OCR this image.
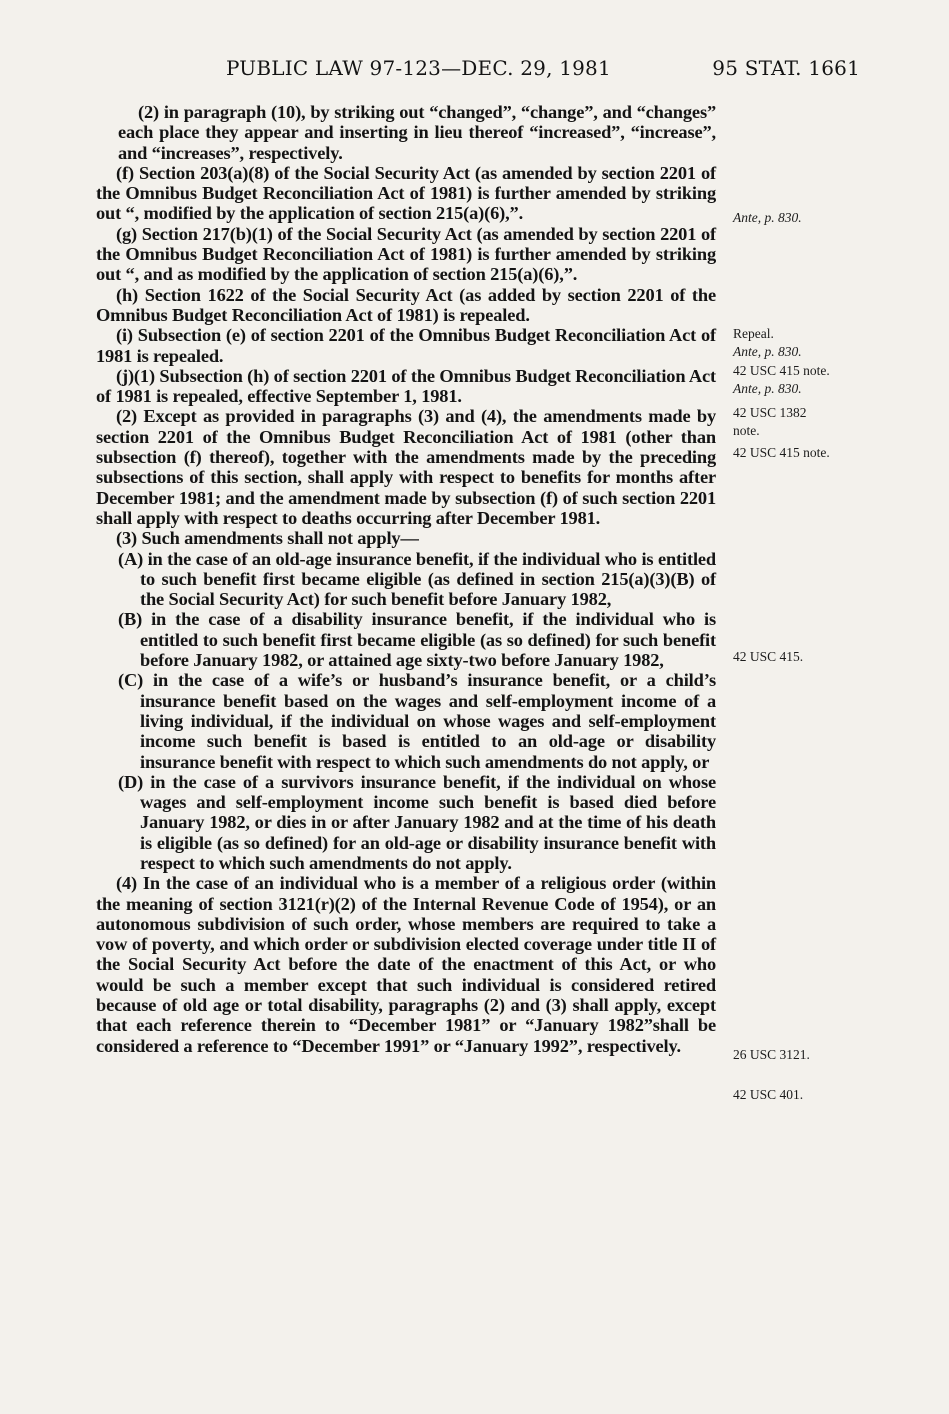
PUBLIC LAW 97-123—DEC. 29, 1981	95 STAT. 1661

(2) in paragraph (10), by striking out “changed”, “change”, and “changes” each place they appear and inserting in lieu thereof “increased”, “increase”, and “increases”, respectively.

(f) Section 203(a)(8) of the Social Security Act (as amended by section 2201 of the Omnibus Budget Reconciliation Act of 1981) is further amended by striking out “, modified by the application of section 215(a)(6),”.

(g) Section 217(b)(1) of the Social Security Act (as amended by section 2201 of the Omnibus Budget Reconciliation Act of 1981) is further amended by striking out “, and as modified by the application of section 215(a)(6),”.

(h) Section 1622 of the Social Security Act (as added by section 2201 of the Omnibus Budget Reconciliation Act of 1981) is repealed.

(i) Subsection (e) of section 2201 of the Omnibus Budget Reconciliation Act of 1981 is repealed.

(j)(1) Subsection (h) of section 2201 of the Omnibus Budget Reconciliation Act of 1981 is repealed, effective September 1, 1981.

(2) Except as provided in paragraphs (3) and (4), the amendments made by section 2201 of the Omnibus Budget Reconciliation Act of 1981 (other than subsection (f) thereof), together with the amendments made by the preceding subsections of this section, shall apply with respect to benefits for months after December 1981; and the amendment made by subsection (f) of such section 2201 shall apply with respect to deaths occurring after December 1981.

(3) Such amendments shall not apply—

(A) in the case of an old-age insurance benefit, if the individual who is entitled to such benefit first became eligible (as defined in section 215(a)(3)(B) of the Social Security Act) for such benefit before January 1982,

(B) in the case of a disability insurance benefit, if the individual who is entitled to such benefit first became eligible (as so defined) for such benefit before January 1982, or attained age sixty-two before January 1982,

(C) in the case of a wife’s or husband’s insurance benefit, or a child’s insurance benefit based on the wages and self-employment income of a living individual, if the individual on whose wages and self-employment income such benefit is based is entitled to an old-age or disability insurance benefit with respect to which such amendments do not apply, or

(D) in the case of a survivors insurance benefit, if the individual on whose wages and self-employment income such benefit is based died before January 1982, or dies in or after January 1982 and at the time of his death is eligible (as so defined) for an old-age or disability insurance benefit with respect to which such amendments do not apply.

(4) In the case of an individual who is a member of a religious order (within the meaning of section 3121(r)(2) of the Internal Revenue Code of 1954), or an autonomous subdivision of such order, whose members are required to take a vow of poverty, and which order or subdivision elected coverage under title II of the Social Security Act before the date of the enactment of this Act, or who would be such a member except that such individual is considered retired because of old age or total disability, paragraphs (2) and (3) shall apply, except that each reference therein to “December 1981” or “January 1982”shall be considered a reference to “December 1991” or “January 1992”, respectively.

Ante, p. 830.
Repeal.
Ante, p. 830.
42 USC 415 note.
Ante, p. 830.
42 USC 1382
note.
42 USC 415 note.
42 USC 415.
26 USC 3121.
42 USC 401.
